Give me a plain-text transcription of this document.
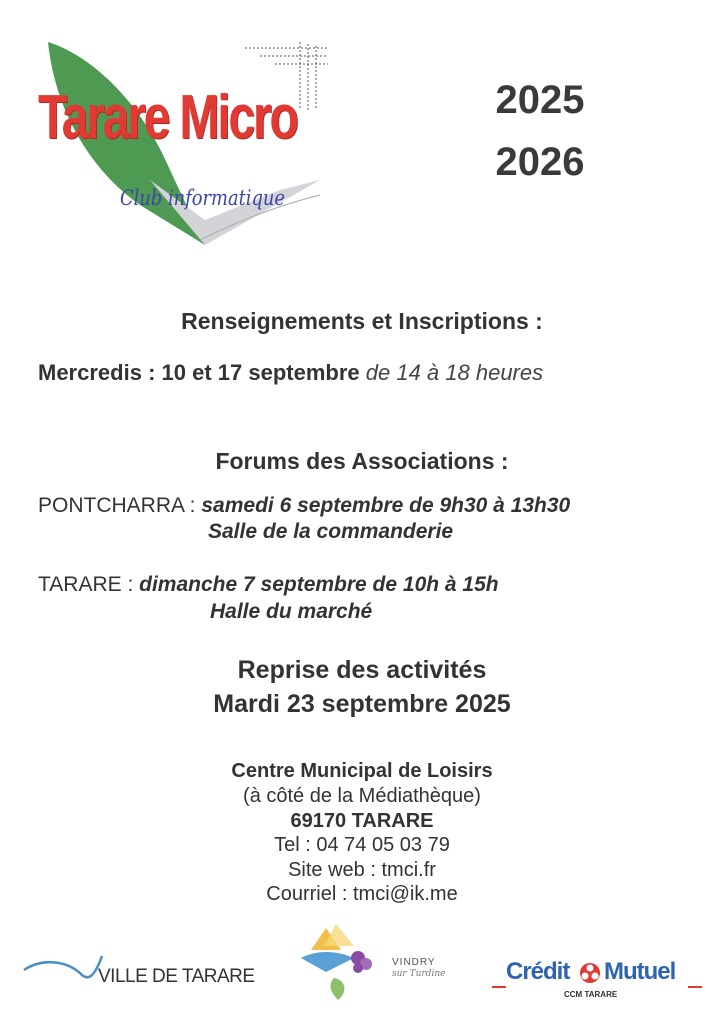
Tarare Micro
Club informatique
2025
2026
Renseignements et Inscriptions :
Mercredis : 10 et 17 septembre de 14 à 18 heures
Forums des Associations :
PONTCHARRA : samedi 6 septembre de 9h30 à 13h30
Salle de la commanderie
TARARE : dimanche 7 septembre de 10h à 15h
Halle du marché
Reprise des activités
Mardi 23 septembre 2025
Centre Municipal de Loisirs
(à côté de la Médiathèque)
69170 TARARE
Tel : 04 74 05 03 79
Site web : tmci.fr
Courriel : tmci@ik.me
VILLE DE TARARE
VINDRY
sur Turdine	Crédit Mutuel
CCM TARARE
